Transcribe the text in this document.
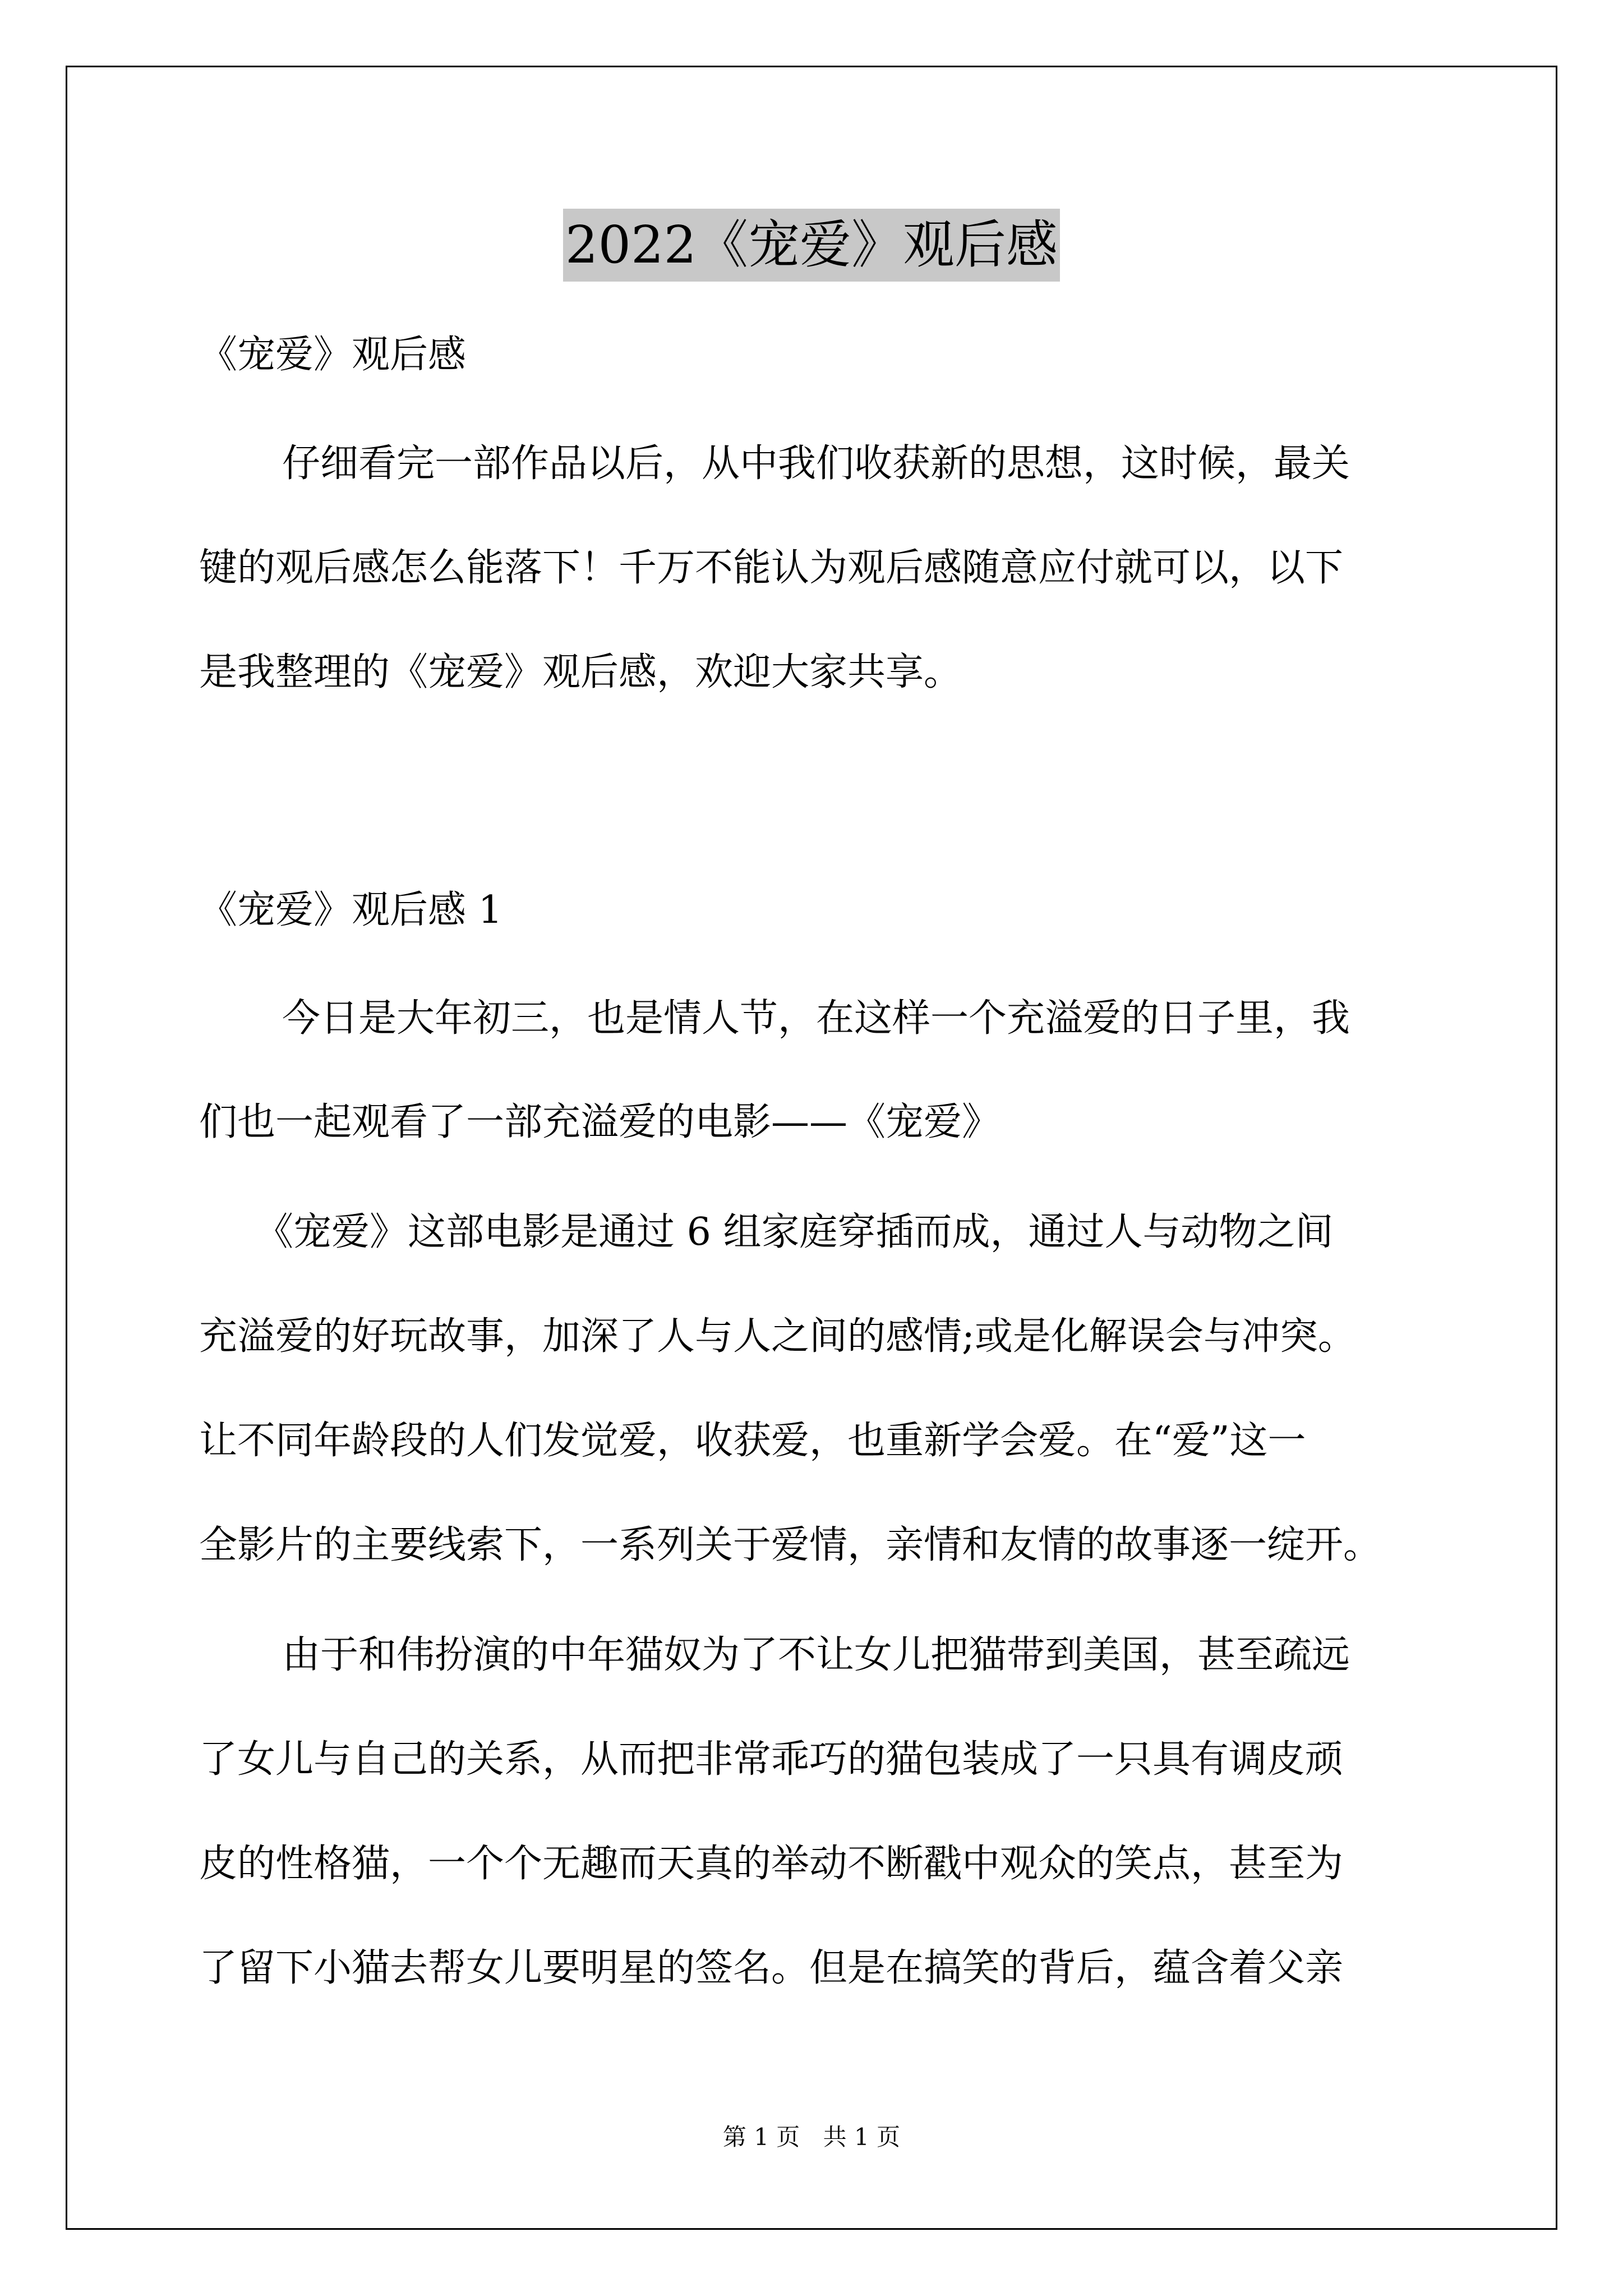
2022《宠爱》观后感
《宠爱》观后感
仔细看完一部作品以后，从中我们收获新的思想，这时候，最关
键的观后感怎么能落下！千万不能认为观后感随意应付就可以，以下
是我整理的《宠爱》观后感，欢迎大家共享。
《宠爱》观后感 1
今日是大年初三，也是情人节，在这样一个充溢爱的日子里，我
们也一起观看了一部充溢爱的电影——《宠爱》
《宠爱》这部电影是通过 6 组家庭穿插而成，通过人与动物之间
充溢爱的好玩故事，加深了人与人之间的感情;或是化解误会与冲突。
让不同年龄段的人们发觉爱，收获爱，也重新学会爱。在“爱”这一
全影片的主要线索下，一系列关于爱情，亲情和友情的故事逐一绽开。
由于和伟扮演的中年猫奴为了不让女儿把猫带到美国，甚至疏远
了女儿与自己的关系，从而把非常乖巧的猫包装成了一只具有调皮顽
皮的性格猫，一个个无趣而天真的举动不断戳中观众的笑点，甚至为
了留下小猫去帮女儿要明星的签名。但是在搞笑的背后，蕴含着父亲
第 1 页 共 1 页
